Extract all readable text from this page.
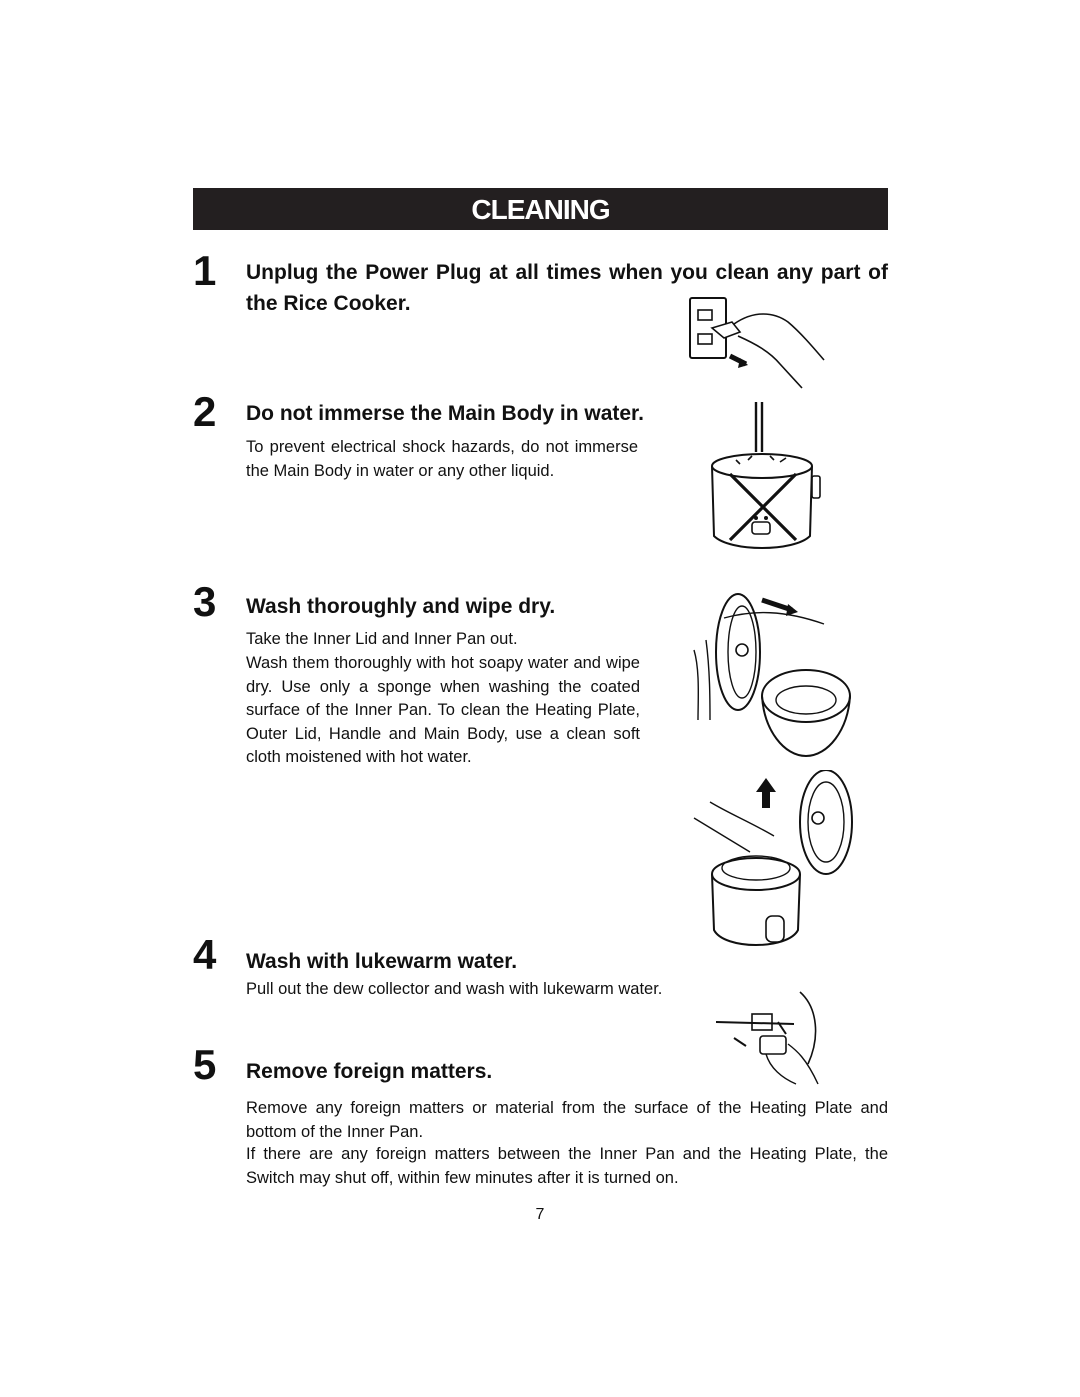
CLEANING
1 Unplug the Power Plug at all times when you clean any part of the Rice Cooker.
2 Do not immerse the Main Body in water.
To prevent electrical shock hazards, do not immerse the Main Body in water or any other liquid.
3 Wash thoroughly and wipe dry.
Take the Inner Lid and Inner Pan out.
Wash them thoroughly with hot soapy water and wipe dry. Use only a sponge when washing the coated surface of the Inner Pan. To clean the Heating Plate, Outer Lid, Handle and Main Body, use a clean soft cloth moistened with hot water.
4 Wash with lukewarm water.
Pull out the dew collector and wash with lukewarm water.
5 Remove foreign matters.
Remove any foreign matters or material from the surface of the Heating Plate and bottom of the Inner Pan.
If there are any foreign matters between the Inner Pan and the Heating Plate, the Switch may shut off, within few minutes after it is turned on.
7
